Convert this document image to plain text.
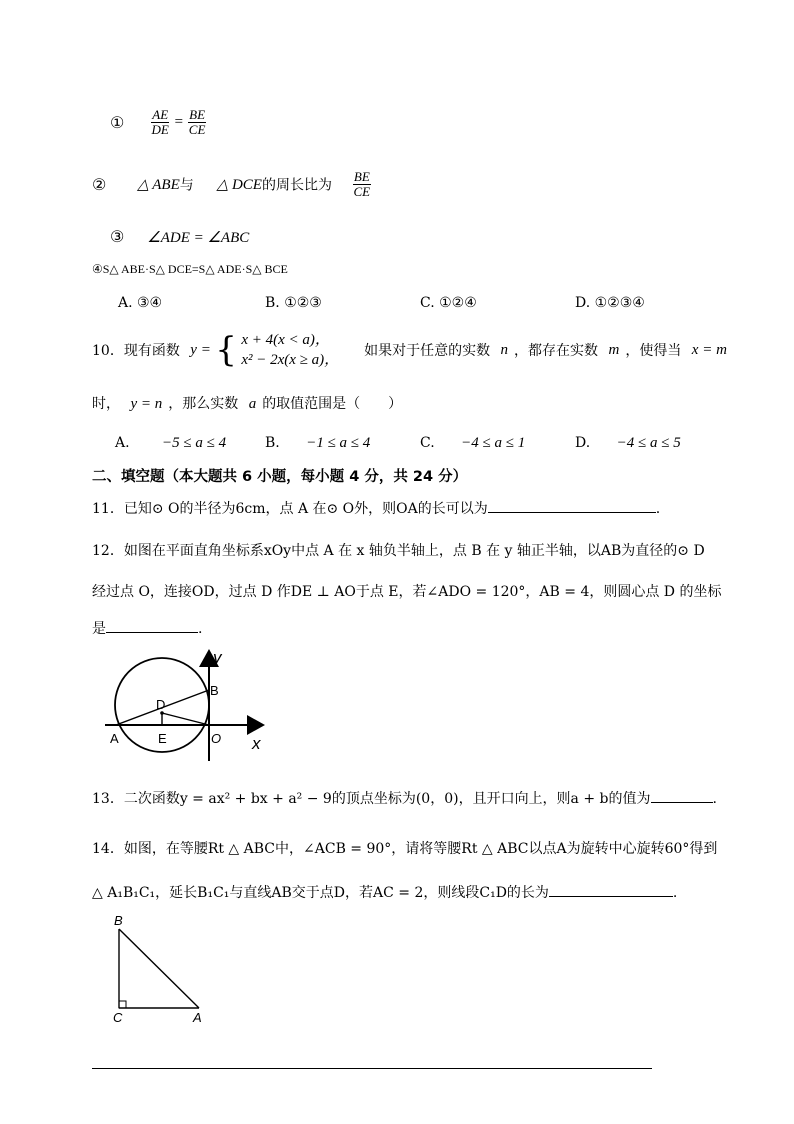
① $\frac{AE}{DE} = \frac{BE}{CE}$
② △ ABE与 △ DCE的周长比为 $\frac{BE}{CE}$
③ ∠ADE = ∠ABC
④S△ ABE·S△ DCE=S△ ADE·S△ BCE
A. ③④	B. ①②③	C. ①②④	D. ①②③④
10．现有函数 y = { x + 4(x < a)，
x² − 2x(x ≥ a)，
如果对于任意的实数 n ，都存在实数 m ，使得当 x = m
时， y = n ，那么实数 a 的取值范围是（　　）
A. −5 ≤ a ≤ 4	B. −1 ≤ a ≤ 4	C. −4 ≤ a ≤ 1	D. −4 ≤ a ≤ 5
二、填空题（本大题共 6 小题，每小题 4 分，共 24 分）
11．已知⊙ O的半径为6cm，点 A 在⊙ O外，则OA的长可以为	.
12．如图在平面直角坐标系xOy中点 A 在 x 轴负半轴上，点 B 在 y 轴正半轴，以AB为直径的⊙ D
经过点 O，连接OD，过点 D 作DE ⊥ AO于点 E，若∠ADO = 120°，AB = 4，则圆心点 D 的坐标
是	.
y
x
B
D
A	E	O
13．二次函数y = ax² + bx + a² − 9的顶点坐标为(0，0)，且开口向上，则a + b的值为	.
14．如图，在等腰Rt △ ABC中，∠ACB = 90°，请将等腰Rt △ ABC以点A为旋转中心旋转60°得到
△ A₁B₁C₁，延长B₁C₁与直线AB交于点D，若AC = 2，则线段C₁D的长为	.
B
C	A
